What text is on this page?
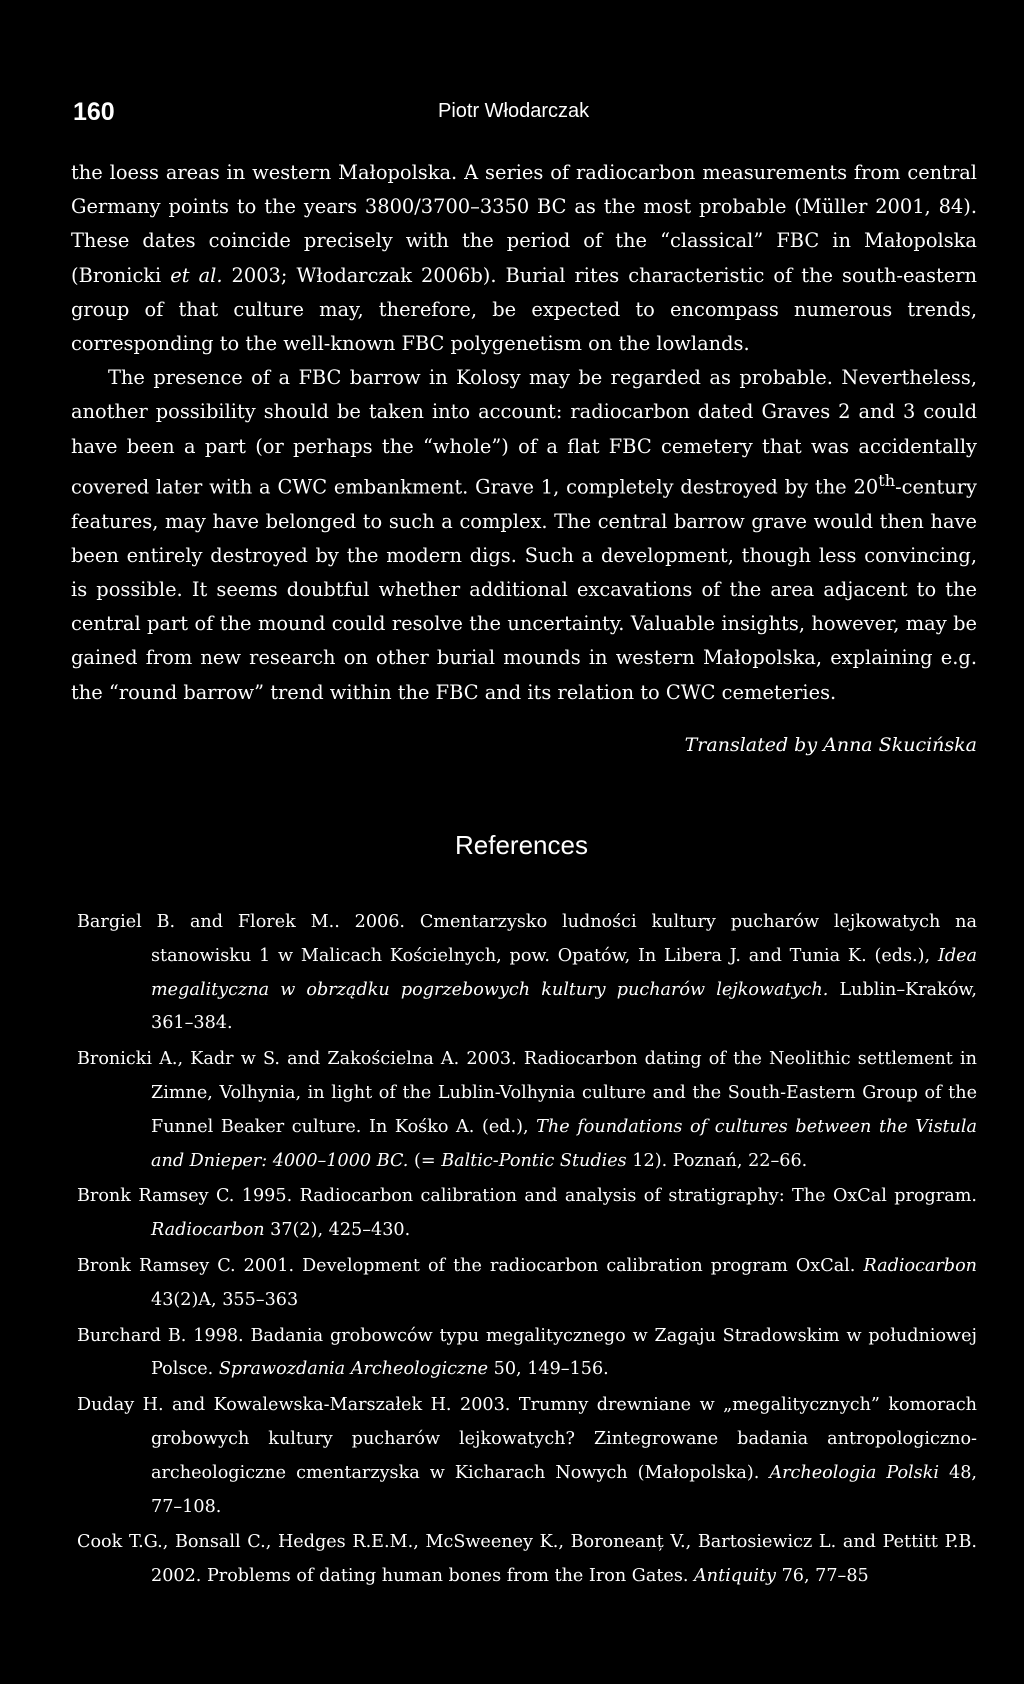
160	Piotr Włodarczak

the loess areas in western Małopolska. A series of radiocarbon measurements from central Germany points to the years 3800/3700–3350 BC as the most probable (Müller 2001, 84). These dates coincide precisely with the period of the “classical” FBC in Małopolska (Bronicki et al. 2003; Włodarczak 2006b). Burial rites characteristic of the south-eastern group of that culture may, therefore, be expected to encompass numerous trends, corresponding to the well-known FBC polygenetism on the lowlands.

The presence of a FBC barrow in Kolosy may be regarded as probable. Nevertheless, another possibility should be taken into account: radiocarbon dated Graves 2 and 3 could have been a part (or perhaps the “whole”) of a flat FBC cemetery that was accidentally covered later with a CWC embankment. Grave 1, completely destroyed by the 20th-century features, may have belonged to such a complex. The central barrow grave would then have been entirely destroyed by the modern digs. Such a development, though less convincing, is possible. It seems doubtful whether additional excavations of the area adjacent to the central part of the mound could resolve the uncertainty. Valuable insights, however, may be gained from new research on other burial mounds in western Małopolska, explaining e.g. the “round barrow” trend within the FBC and its relation to CWC cemeteries.

Translated by Anna Skucińska
References

Bargiel B. and Florek M.. 2006. Cmentarzysko ludności kultury pucharów lejkowatych na stanowisku 1 w Malicach Kościelnych, pow. Opatów, In Libera J. and Tunia K. (eds.), Idea megalityczna w obrządku pogrzebowych kultury pucharów lejkowatych. Lublin–Kraków, 361–384.

Bronicki A., Kadr w S. and Zakościelna A. 2003. Radiocarbon dating of the Neolithic settlement in Zimne, Volhynia, in light of the Lublin-Volhynia culture and the South-Eastern Group of the Funnel Beaker culture. In Kośko A. (ed.), The foundations of cultures between the Vistula and Dnieper: 4000–1000 BC. (= Baltic-Pontic Studies 12). Poznań, 22–66.

Bronk Ramsey C. 1995. Radiocarbon calibration and analysis of stratigraphy: The OxCal program. Radiocarbon 37(2), 425–430.

Bronk Ramsey C. 2001. Development of the radiocarbon calibration program OxCal. Radiocarbon 43(2)A, 355–363

Burchard B. 1998. Badania grobowców typu megalitycznego w Zagaju Stradowskim w południowej Polsce. Sprawozdania Archeologiczne 50, 149–156.

Duday H. and Kowalewska-Marszałek H. 2003. Trumny drewniane w „megalitycznych” komorach grobowych kultury pucharów lejkowatych? Zintegrowane badania antropologiczno-archeologiczne cmentarzyska w Kicharach Nowych (Małopolska). Archeologia Polski 48, 77–108.

Cook T.G., Bonsall C., Hedges R.E.M., McSweeney K., Boroneanț V., Bartosiewicz L. and Pettitt P.B. 2002. Problems of dating human bones from the Iron Gates. Antiquity 76, 77–85
